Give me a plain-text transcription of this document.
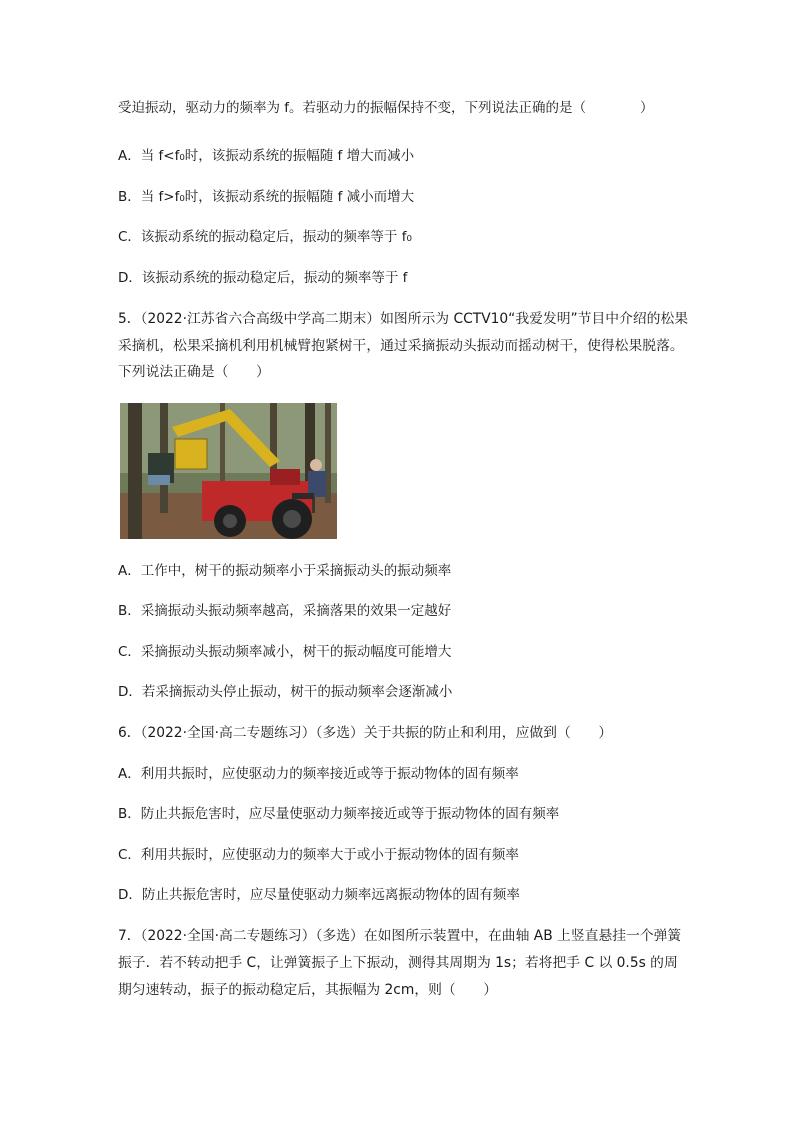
受迫振动，驱动力的频率为 f。若驱动力的振幅保持不变，下列说法正确的是（　　　　）
A．当 f<f₀时，该振动系统的振幅随 f 增大而减小
B．当 f>f₀时，该振动系统的振幅随 f 减小而增大
C．该振动系统的振动稳定后，振动的频率等于 f₀
D．该振动系统的振动稳定后，振动的频率等于 f
5．（2022·江苏省六合高级中学高二期末）如图所示为 CCTV10“我爱发明”节目中介绍的松果
采摘机，松果采摘机利用机械臂抱紧树干，通过采摘振动头振动而摇动树干，使得松果脱落。
下列说法正确是（　　）
A．工作中，树干的振动频率小于采摘振动头的振动频率
B．采摘振动头振动频率越高，采摘落果的效果一定越好
C．采摘振动头振动频率减小，树干的振动幅度可能增大
D．若采摘振动头停止振动，树干的振动频率会逐渐减小
6．（2022·全国·高二专题练习）（多选）关于共振的防止和利用，应做到（　　）
A．利用共振时，应使驱动力的频率接近或等于振动物体的固有频率
B．防止共振危害时，应尽量使驱动力频率接近或等于振动物体的固有频率
C．利用共振时，应使驱动力的频率大于或小于振动物体的固有频率
D．防止共振危害时，应尽量使驱动力频率远离振动物体的固有频率
7．（2022·全国·高二专题练习）（多选）在如图所示装置中，在曲轴 AB 上竖直悬挂一个弹簧
振子．若不转动把手 C，让弹簧振子上下振动，测得其周期为 1s；若将把手 C 以 0.5s 的周
期匀速转动，振子的振动稳定后，其振幅为 2cm，则（　　）
